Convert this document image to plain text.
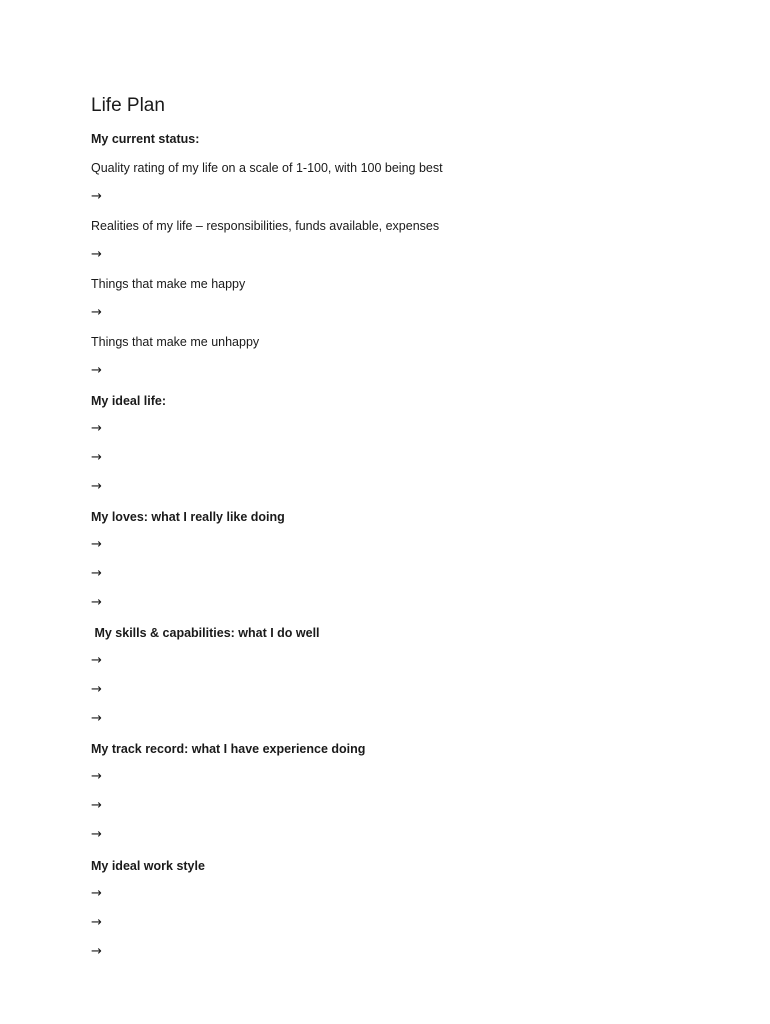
Life Plan
My current status:
Quality rating of my life on a scale of 1-100, with 100 being best
→
Realities of my life – responsibilities, funds available, expenses
→
Things that make me happy
→
Things that make me unhappy
→
My ideal life:
→
→
→
My loves: what I really like doing
→
→
→
My skills & capabilities: what I do well
→
→
→
My track record: what I have experience doing
→
→
→
My ideal work style
→
→
→
